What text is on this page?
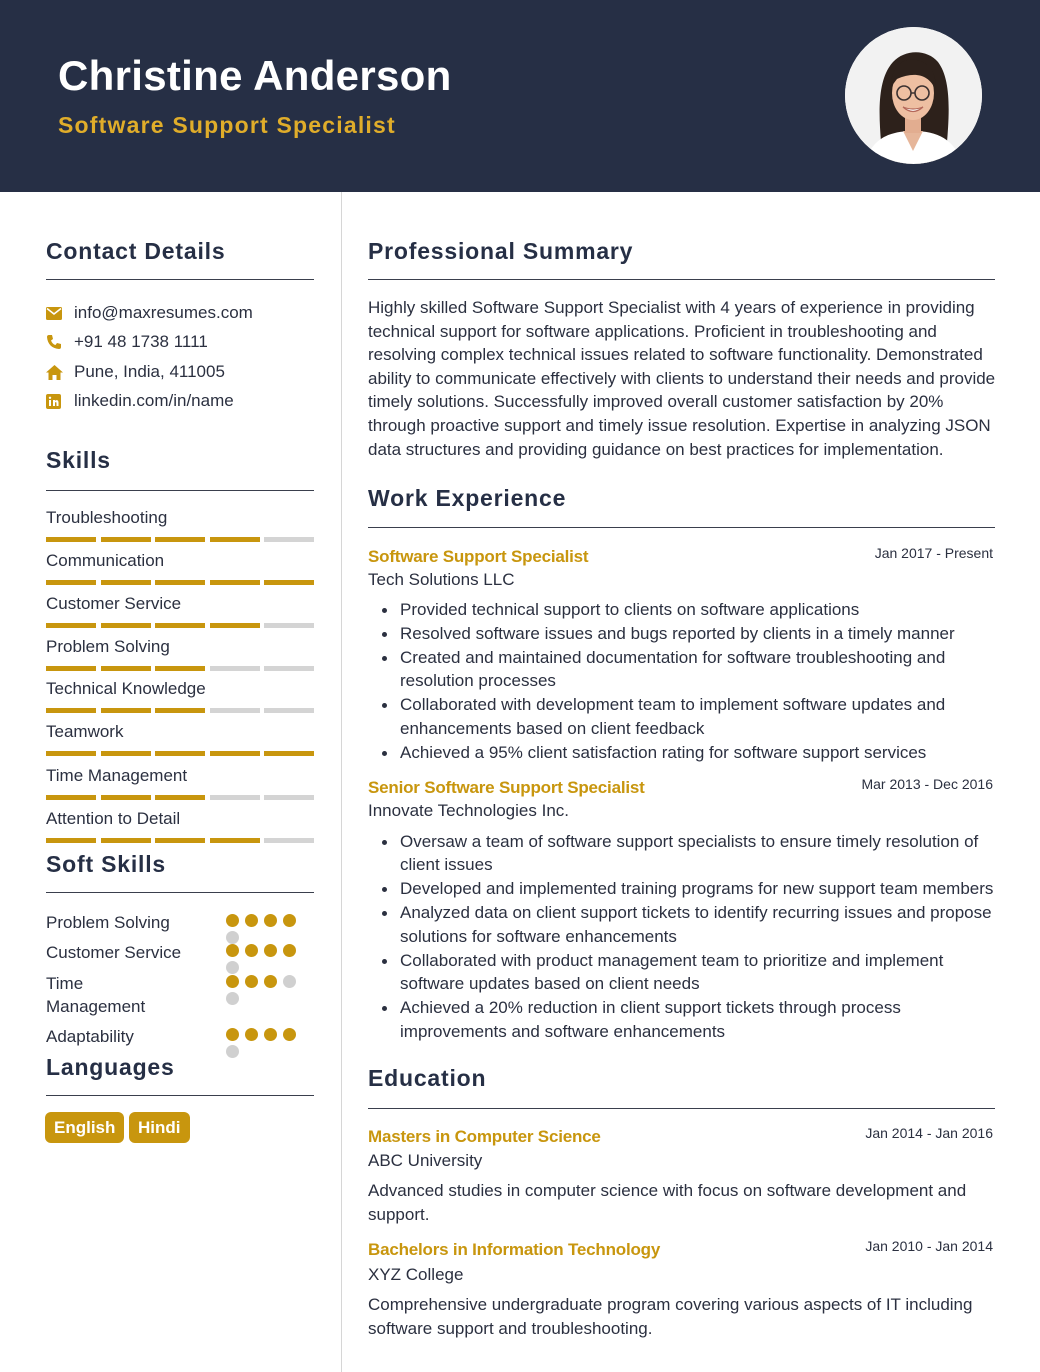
Christine Anderson
Software Support Specialist
Contact Details
info@maxresumes.com
+91 48 1738 1111
Pune, India, 411005
linkedin.com/in/name
Skills
Troubleshooting
Communication
Customer Service
Problem Solving
Technical Knowledge
Teamwork
Time Management
Attention to Detail
Soft Skills
Problem Solving
Customer Service
Time Management
Adaptability
Languages
English	Hindi
Professional Summary
Highly skilled Software Support Specialist with 4 years of experience in providing technical support for software applications. Proficient in troubleshooting and resolving complex technical issues related to software functionality. Demonstrated ability to communicate effectively with clients to understand their needs and provide timely solutions. Successfully improved overall customer satisfaction by 20% through proactive support and timely issue resolution. Expertise in analyzing JSON data structures and providing guidance on best practices for implementation.
Work Experience
Software Support Specialist	Jan 2017 - Present
Tech Solutions LLC
Provided technical support to clients on software applications
Resolved software issues and bugs reported by clients in a timely manner
Created and maintained documentation for software troubleshooting and resolution processes
Collaborated with development team to implement software updates and enhancements based on client feedback
Achieved a 95% client satisfaction rating for software support services
Senior Software Support Specialist	Mar 2013 - Dec 2016
Innovate Technologies Inc.
Oversaw a team of software support specialists to ensure timely resolution of client issues
Developed and implemented training programs for new support team members
Analyzed data on client support tickets to identify recurring issues and propose solutions for software enhancements
Collaborated with product management team to prioritize and implement software updates based on client needs
Achieved a 20% reduction in client support tickets through process improvements and software enhancements
Education
Masters in Computer Science	Jan 2014 - Jan 2016
ABC University
Advanced studies in computer science with focus on software development and support.
Bachelors in Information Technology	Jan 2010 - Jan 2014
XYZ College
Comprehensive undergraduate program covering various aspects of IT including software support and troubleshooting.
